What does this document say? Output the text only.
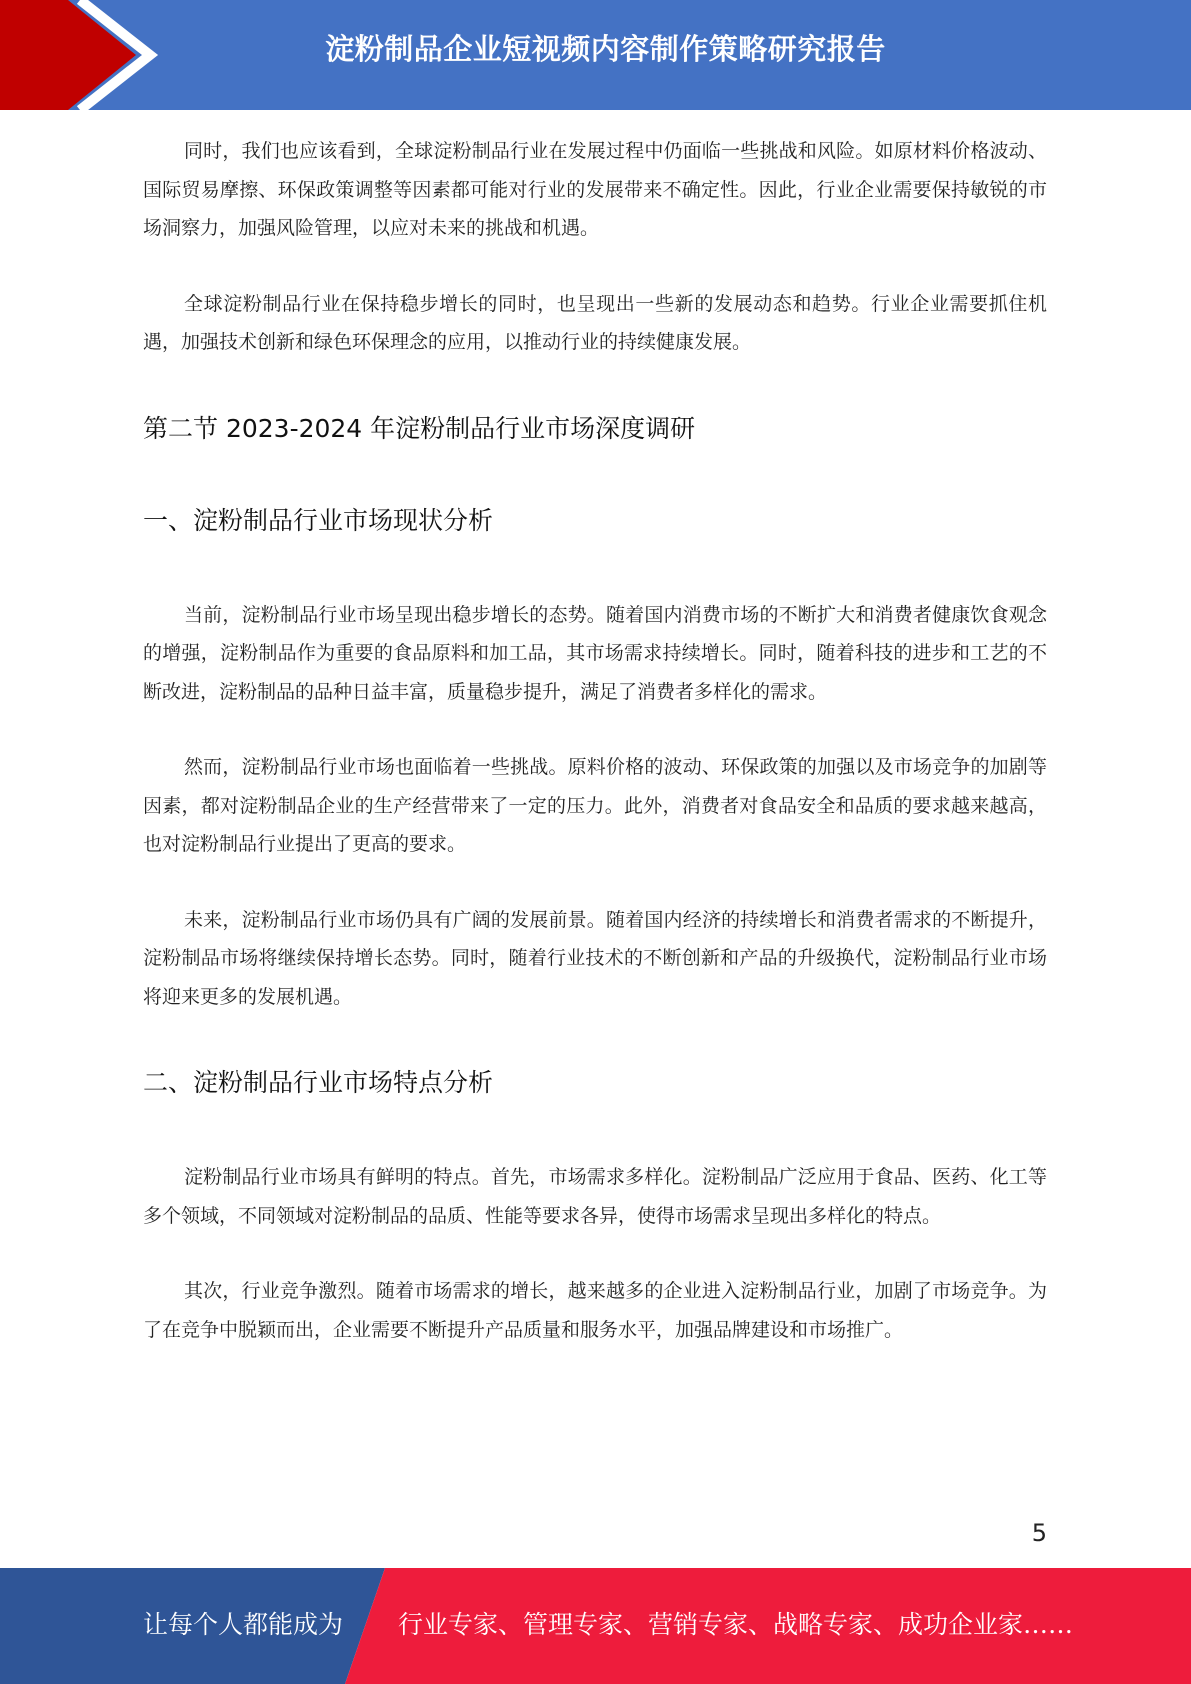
淀粉制品企业短视频内容制作策略研究报告

同时，我们也应该看到，全球淀粉制品行业在发展过程中仍面临一些挑战和风险。如原材料价格波动、国际贸易摩擦、环保政策调整等因素都可能对行业的发展带来不确定性。因此，行业企业需要保持敏锐的市场洞察力，加强风险管理，以应对未来的挑战和机遇。

全球淀粉制品行业在保持稳步增长的同时，也呈现出一些新的发展动态和趋势。行业企业需要抓住机遇，加强技术创新和绿色环保理念的应用，以推动行业的持续健康发展。

第二节 2023-2024 年淀粉制品行业市场深度调研
一、淀粉制品行业市场现状分析

当前，淀粉制品行业市场呈现出稳步增长的态势。随着国内消费市场的不断扩大和消费者健康饮食观念的增强，淀粉制品作为重要的食品原料和加工品，其市场需求持续增长。同时，随着科技的进步和工艺的不断改进，淀粉制品的品种日益丰富，质量稳步提升，满足了消费者多样化的需求。

然而，淀粉制品行业市场也面临着一些挑战。原料价格的波动、环保政策的加强以及市场竞争的加剧等因素，都对淀粉制品企业的生产经营带来了一定的压力。此外，消费者对食品安全和品质的要求越来越高，也对淀粉制品行业提出了更高的要求。

未来，淀粉制品行业市场仍具有广阔的发展前景。随着国内经济的持续增长和消费者需求的不断提升，淀粉制品市场将继续保持增长态势。同时，随着行业技术的不断创新和产品的升级换代，淀粉制品行业市场将迎来更多的发展机遇。

二、淀粉制品行业市场特点分析

淀粉制品行业市场具有鲜明的特点。首先，市场需求多样化。淀粉制品广泛应用于食品、医药、化工等多个领域，不同领域对淀粉制品的品质、性能等要求各异，使得市场需求呈现出多样化的特点。

其次，行业竞争激烈。随着市场需求的增长，越来越多的企业进入淀粉制品行业，加剧了市场竞争。为了在竞争中脱颖而出，企业需要不断提升产品质量和服务水平，加强品牌建设和市场推广。

5
让每个人都能成为 行业专家、管理专家、营销专家、战略专家、成功企业家……
